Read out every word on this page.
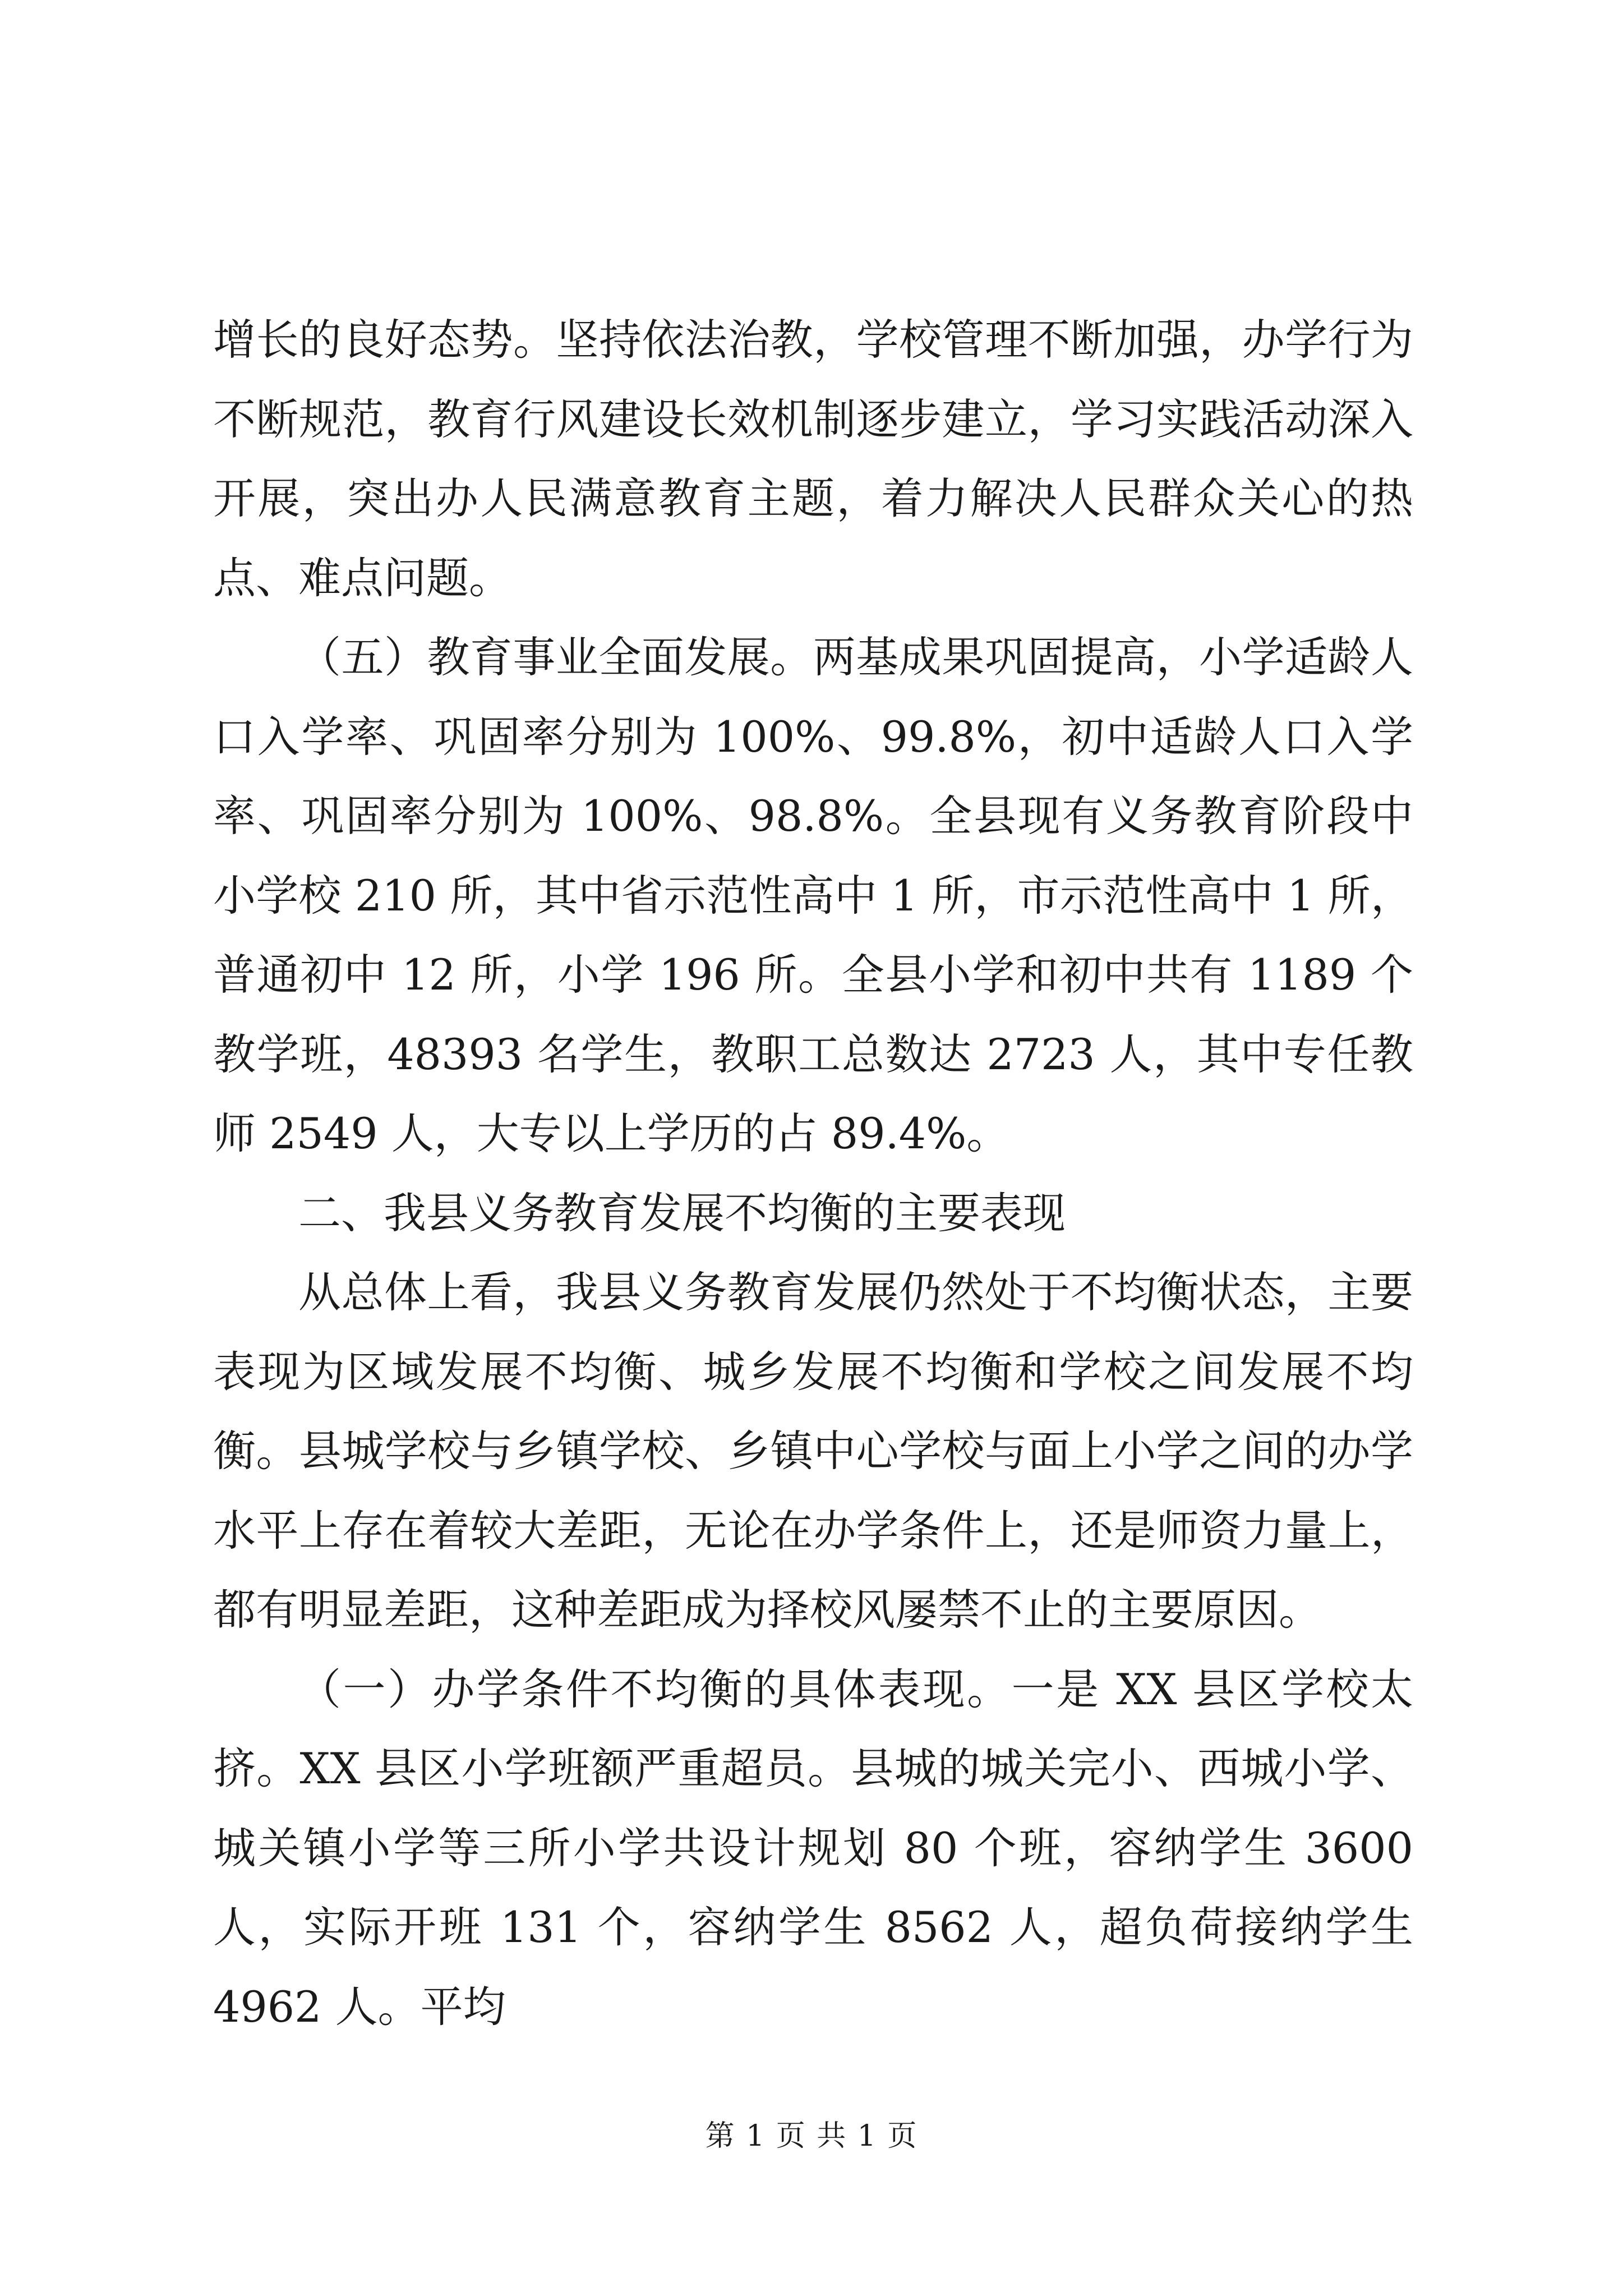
增长的良好态势。坚持依法治教，学校管理不断加强，办学行为不断规范，教育行风建设长效机制逐步建立，学习实践活动深入开展，突出办人民满意教育主题，着力解决人民群众关心的热点、难点问题。

（五）教育事业全面发展。两基成果巩固提高，小学适龄人口入学率、巩固率分别为 100%、99.8%，初中适龄人口入学率、巩固率分别为 100%、98.8%。全县现有义务教育阶段中小学校 210 所，其中省示范性高中 1 所，市示范性高中 1 所，普通初中 12 所，小学 196 所。全县小学和初中共有 1189 个教学班，48393 名学生，教职工总数达 2723 人，其中专任教师 2549 人，大专以上学历的占 89.4%。

二、我县义务教育发展不均衡的主要表现

从总体上看，我县义务教育发展仍然处于不均衡状态，主要表现为区域发展不均衡、城乡发展不均衡和学校之间发展不均衡。县城学校与乡镇学校、乡镇中心学校与面上小学之间的办学水平上存在着较大差距，无论在办学条件上，还是师资力量上，都有明显差距，这种差距成为择校风屡禁不止的主要原因。

（一）办学条件不均衡的具体表现。一是 XX 县区学校太挤。XX 县区小学班额严重超员。县城的城关完小、西城小学、城关镇小学等三所小学共设计规划 80 个班，容纳学生 3600 人，实际开班 131 个，容纳学生 8562 人，超负荷接纳学生 4962 人。平均

第 1 页 共 1 页
